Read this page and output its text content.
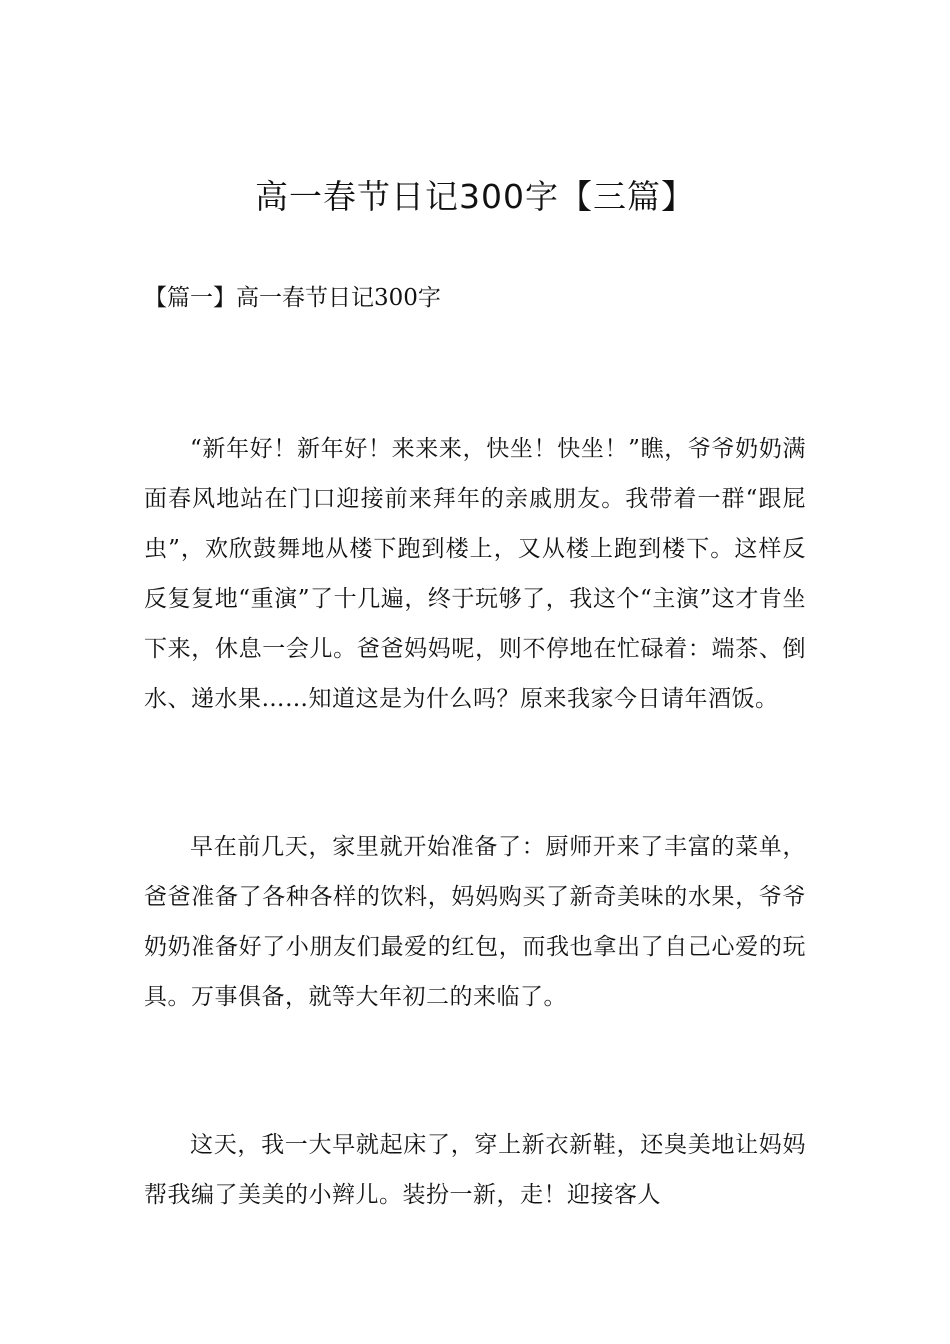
高一春节日记300字【三篇】
【篇一】高一春节日记300字

“新年好！新年好！来来来，快坐！快坐！”瞧，爷爷奶奶满面春风地站在门口迎接前来拜年的亲戚朋友。我带着一群“跟屁虫”，欢欣鼓舞地从楼下跑到楼上，又从楼上跑到楼下。这样反反复复地“重演”了十几遍，终于玩够了，我这个“主演”这才肯坐下来，休息一会儿。爸爸妈妈呢，则不停地在忙碌着：端茶、倒水、递水果……知道这是为什么吗？原来我家今日请年酒饭。

早在前几天，家里就开始准备了：厨师开来了丰富的菜单，爸爸准备了各种各样的饮料，妈妈购买了新奇美味的水果，爷爷奶奶准备好了小朋友们最爱的红包，而我也拿出了自己心爱的玩具。万事俱备，就等大年初二的来临了。

这天，我一大早就起床了，穿上新衣新鞋，还臭美地让妈妈帮我编了美美的小辫儿。装扮一新，走！迎接客人
